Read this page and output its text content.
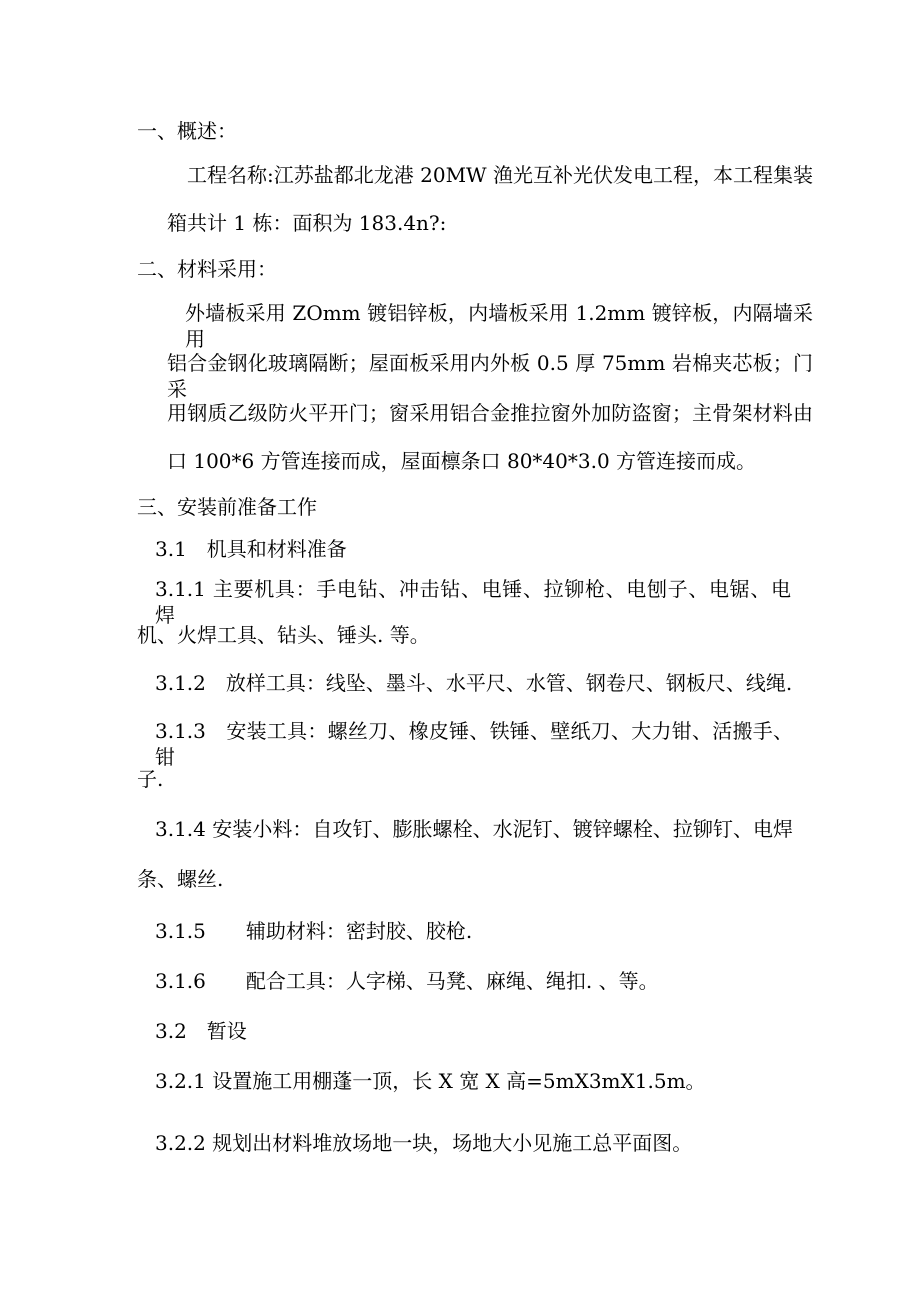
一、概述：
工程名称:江苏盐都北龙港 20MW 渔光互补光伏发电工程，本工程集装
箱共计 1 栋：面积为 183.4n?:
二、材料采用：
外墙板采用 ZOmm 镀铝锌板，内墙板采用 1.2mm 镀锌板，内隔墙采用
铝合金钢化玻璃隔断；屋面板采用内外板 0.5 厚 75mm 岩棉夹芯板；门采
用钢质乙级防火平开门；窗采用铝合金推拉窗外加防盗窗；主骨架材料由
口 100*6 方管连接而成，屋面檩条口 80*40*3.0 方管连接而成。
三、安装前准备工作
3.1　机具和材料准备
3.1.1 主要机具：手电钻、冲击钻、电锤、拉铆枪、电刨子、电锯、电焊
机、火焊工具、钻头、锤头. 等。
3.1.2　放样工具：线坠、墨斗、水平尺、水管、钢卷尺、钢板尺、线绳.
3.1.3　安装工具：螺丝刀、橡皮锤、铁锤、壁纸刀、大力钳、活搬手、钳
子.
3.1.4 安装小料：自攻钉、膨胀螺栓、水泥钉、镀锌螺栓、拉铆钉、电焊
条、螺丝.
3.1.5　　辅助材料：密封胶、胶枪.
3.1.6　　配合工具：人字梯、马凳、麻绳、绳扣. 、等。
3.2　暂设
3.2.1 设置施工用棚蓬一顶，长 X 宽 X 高=5mX3mX1.5m。
3.2.2 规划出材料堆放场地一块，场地大小见施工总平面图。
